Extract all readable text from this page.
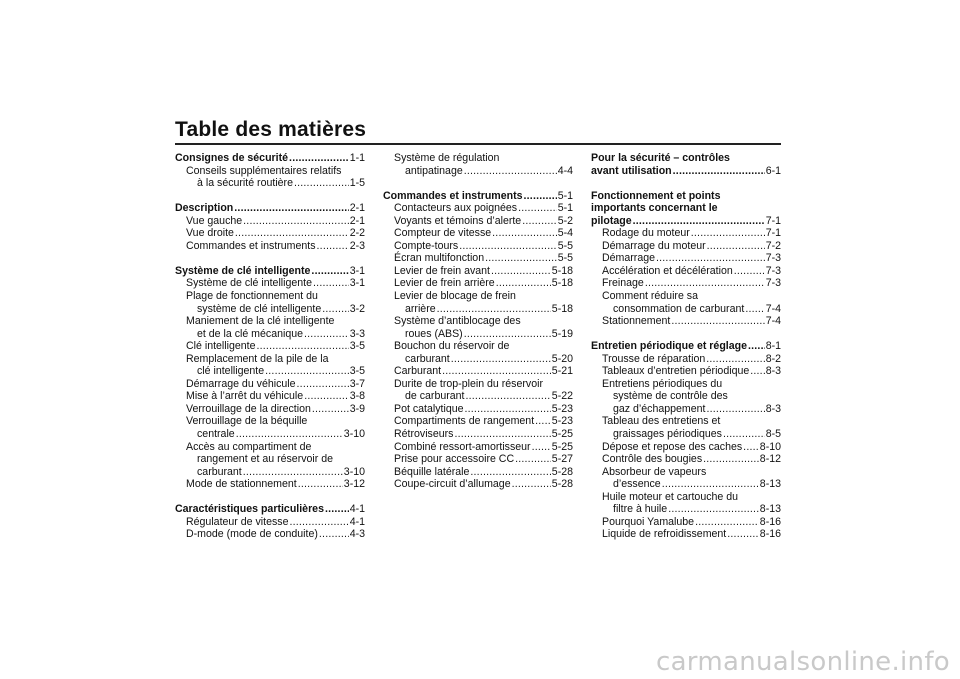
Table des matières
Consignes de sécurité .....	1-1
Conseils supplémentaires relatifs
à la sécurité routière .....	1-5
Description .....	2-1
Vue gauche .....	2-1
Vue droite .....	2-2
Commandes et instruments .....	2-3
Système de clé intelligente .....	3-1
Système de clé intelligente .....	3-1
Plage de fonctionnement du
système de clé intelligente .....	3-2
Maniement de la clé intelligente
et de la clé mécanique .....	3-3
Clé intelligente .....	3-5
Remplacement de la pile de la
clé intelligente .....	3-5
Démarrage du véhicule .....	3-7
Mise à l’arrêt du véhicule .....	3-8
Verrouillage de la direction .....	3-9
Verrouillage de la béquille
centrale .....	3-10
Accès au compartiment de
rangement et au réservoir de
carburant .....	3-10
Mode de stationnement .....	3-12
Caractéristiques particulières ..... 4-1
Régulateur de vitesse .....	4-1
D-mode (mode de conduite) .....	4-3
Système de régulation
antipatinage .....	4-4
Commandes et instruments .....	5-1
Contacteurs aux poignées .....	5-1
Voyants et témoins d’alerte .....	5-2
Compteur de vitesse .....	5-4
Compte-tours .....	5-5
Écran multifonction .....	5-5
Levier de frein avant .....	5-18
Levier de frein arrière .....	5-18
Levier de blocage de frein
arrière .....	5-18
Système d’antiblocage des
roues (ABS) .....	5-19
Bouchon du réservoir de
carburant .....	5-20
Carburant .....	5-21
Durite de trop-plein du réservoir
de carburant .....	5-22
Pot catalytique .....	5-23
Compartiments de rangement ..... 5-23
Rétroviseurs .....	5-25
Combiné ressort-amortisseur ..... 5-25
Prise pour accessoire CC .....	5-27
Béquille latérale .....	5-28
Coupe-circuit d’allumage .....	5-28
Pour la sécurité – contrôles
avant utilisation .....	6-1
Fonctionnement et points
importants concernant le
pilotage .....	7-1
Rodage du moteur .....	7-1
Démarrage du moteur .....	7-2
Démarrage .....	7-3
Accélération et décélération .....	7-3
Freinage .....	7-3
Comment réduire sa
consommation de carburant ..... 7-4
Stationnement .....	7-4
Entretien périodique et réglage ..... 8-1
Trousse de réparation .....	8-2
Tableaux d’entretien périodique ..... 8-3
Entretiens périodiques du
système de contrôle des
gaz d’échappement .....	8-3
Tableau des entretiens et
graissages périodiques .....	8-5
Dépose et repose des caches ..... 8-10
Contrôle des bougies .....	8-12
Absorbeur de vapeurs
d’essence .....	8-13
Huile moteur et cartouche du
filtre à huile .....	8-13
Pourquoi Yamalube .....	8-16
Liquide de refroidissement .....	8-16
carmanualsonline.info
